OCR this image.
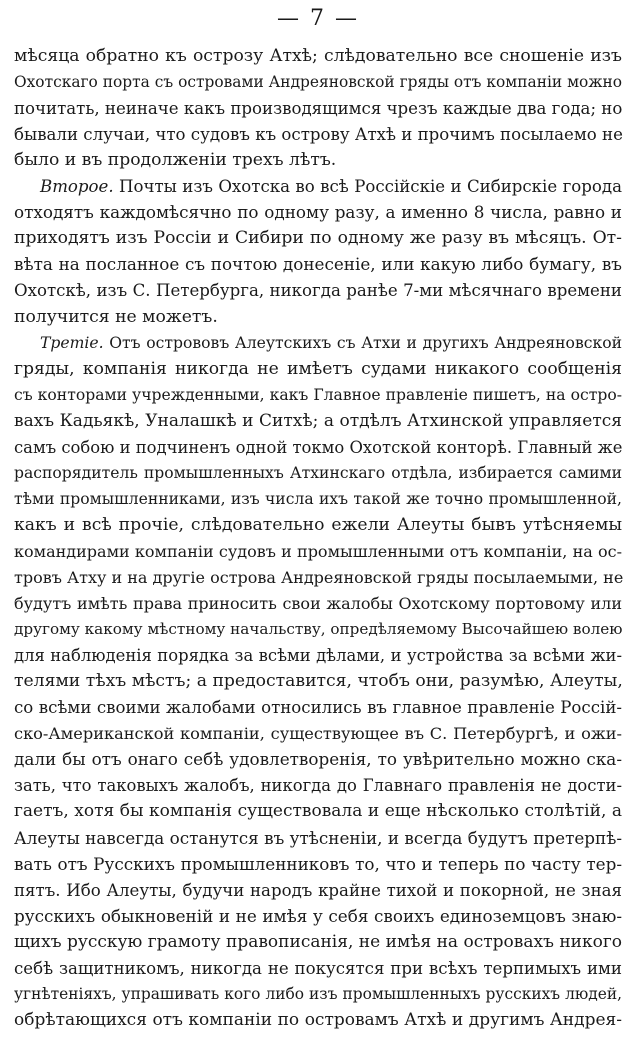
— 7 —
мѣсяца обратно къ острозу Атхѣ; слѣдовательно все сношеніе изъ
Охотскаго порта съ островами Андреяновской гряды отъ компаніи можно
почитать, неиначе какъ производящимся чрезъ каждые два года; но
бывали случаи, что судовъ къ острову Атхѣ и прочимъ посылаемо не
было и въ продолженіи трехъ лѣтъ.
Второе. Почты изъ Охотска во всѣ Россійскіе и Сибирскіе города
отходятъ каждомѣсячно по одному разу, а именно 8 числа, равно и
приходятъ изъ Россіи и Сибири по одному же разу въ мѣсяцъ. От-
вѣта на посланное съ почтою донесеніе, или какую либо бумагу, въ
Охотскѣ, изъ С. Петербурга, никогда ранѣе 7-ми мѣсячнаго времени
получится не можетъ.
Третіе. Отъ острововъ Алеутскихъ съ Атхи и другихъ Андреяновской
гряды, компанія никогда не имѣетъ судами никакого сообщенія
съ конторами учрежденными, какъ Главное правленіе пишетъ, на остро-
вахъ Кадьякѣ, Уналашкѣ и Ситхѣ; а отдѣлъ Атхинской управляется
самъ собою и подчиненъ одной токмо Охотской конторѣ. Главный же
распорядитель промышленныхъ Атхинскаго отдѣла, избирается самими
тѣми промышленниками, изъ числа ихъ такой же точно промышленной,
какъ и всѣ прочіе, слѣдовательно ежели Алеуты бывъ утѣсняемы
командирами компаніи судовъ и промышленными отъ компаніи, на ос-
тровъ Атху и на другіе острова Андреяновской гряды посылаемыми, не
будутъ имѣть права приносить свои жалобы Охотскому портовому или
другому какому мѣстному начальству, опредѣляемому Высочайшею волею
для наблюденія порядка за всѣми дѣлами, и устройства за всѣми жи-
телями тѣхъ мѣстъ; а предоставится, чтобъ они, разумѣю, Алеуты,
со всѣми своими жалобами относились въ главное правленіе Россій-
ско-Американской компаніи, существующее въ С. Петербургѣ, и ожи-
дали бы отъ онаго себѣ удовлетворенія, то увѣрительно можно ска-
зать, что таковыхъ жалобъ, никогда до Главнаго правленія не дости-
гаетъ, хотя бы компанія существовала и еще нѣсколько столѣтій, а
Алеуты навсегда останутся въ утѣсненіи, и всегда будутъ претерпѣ-
вать отъ Русскихъ промышленниковъ то, что и теперь по часту тер-
пятъ. Ибо Алеуты, будучи народъ крайне тихой и покорной, не зная
русскихъ обыкновеній и не имѣя у себя своихъ единоземцовъ знаю-
щихъ русскую грамоту правописанія, не имѣя на островахъ никого
себѣ защитникомъ, никогда не покусятся при всѣхъ терпимыхъ ими
угнѣтеніяхъ, упрашивать кого либо изъ промышленныхъ русскихъ людей,
обрѣтающихся отъ компаніи по островамъ Атхѣ и другимъ Андрея-
